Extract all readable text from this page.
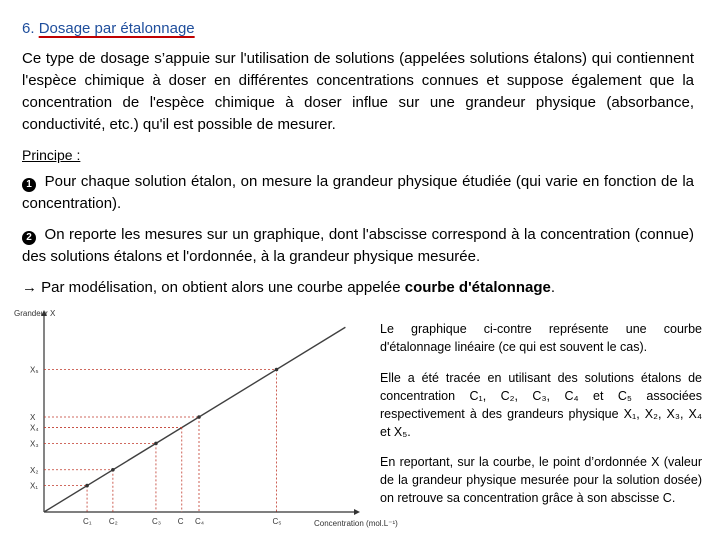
6. Dosage par étalonnage
Ce type de dosage s’appuie sur l'utilisation de solutions (appelées solutions étalons) qui contiennent l'espèce chimique à doser en différentes concentrations connues et suppose également que la concentration de l'espèce chimique à doser influe sur une grandeur physique (absorbance, conductivité, etc.) qu'il est possible de mesurer.
Principe :
1 Pour chaque solution étalon, on mesure la grandeur physique étudiée (qui varie en fonction de la concentration).
2 On reporte les mesures sur un graphique, dont l'abscisse correspond à la concentration (connue) des solutions étalons et l'ordonnée, à la grandeur physique mesurée.
→ Par modélisation, on obtient alors une courbe appelée courbe d'étalonnage.
Grandeur X
Concentration (mol.L⁻¹)
C₁ C₂	C₃ C C₄	C₅
X₅
X
X₄
X₃
X₂
X₁
Le graphique ci-contre représente une courbe d'étalonnage linéaire (ce qui est souvent le cas).
Elle a été tracée en utilisant des solutions étalons de concentration C₁, C₂, C₃, C₄ et C₅ associées respectivement à des grandeurs physique X₁, X₂, X₃, X₄ et X₅.
En reportant, sur la courbe, le point d’ordonnée X (valeur de la grandeur physique mesurée pour la solution dosée) on retrouve sa concentration grâce à son abscisse C.
